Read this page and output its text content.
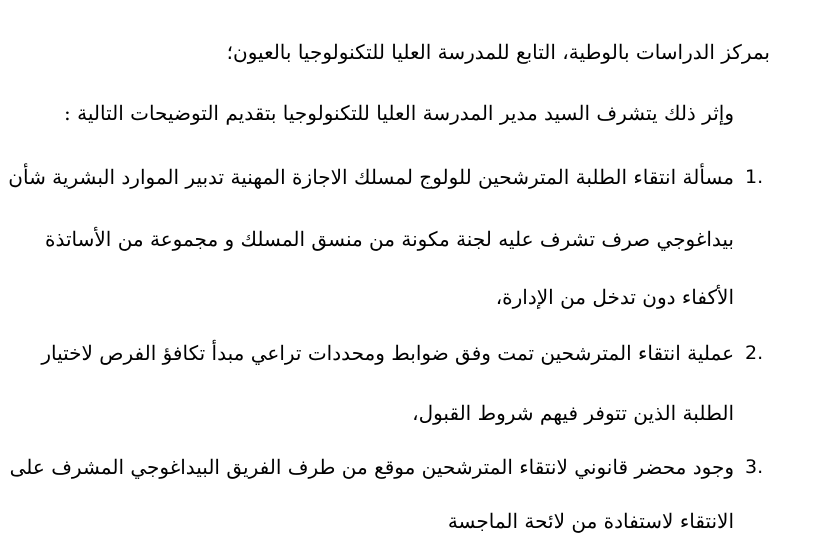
بمركز الدراسات بالوطية، التابع للمدرسة العليا للتكنولوجيا بالعيون؛
وإثر ذلك يتشرف السيد مدير المدرسة العليا للتكنولوجيا بتقديم التوضيحات التالية :
1.
مسألة انتقاء الطلبة المترشحين للولوج لمسلك الاجازة المهنية تدبير الموارد البشرية شأن
بيداغوجي صرف تشرف عليه لجنة مكونة من منسق المسلك و مجموعة من الأساتذة
الأكفاء دون تدخل من الإدارة،
2.
عملية انتقاء المترشحين تمت وفق ضوابط ومحددات تراعي مبدأ تكافؤ الفرص لاختيار
الطلبة الذين تتوفر فيهم شروط القبول،
3.
وجود محضر قانوني لانتقاء المترشحين موقع من طرف الفريق البيداغوجي المشرف على
الانتقاء لاستفادة من لائحة الماجسة
